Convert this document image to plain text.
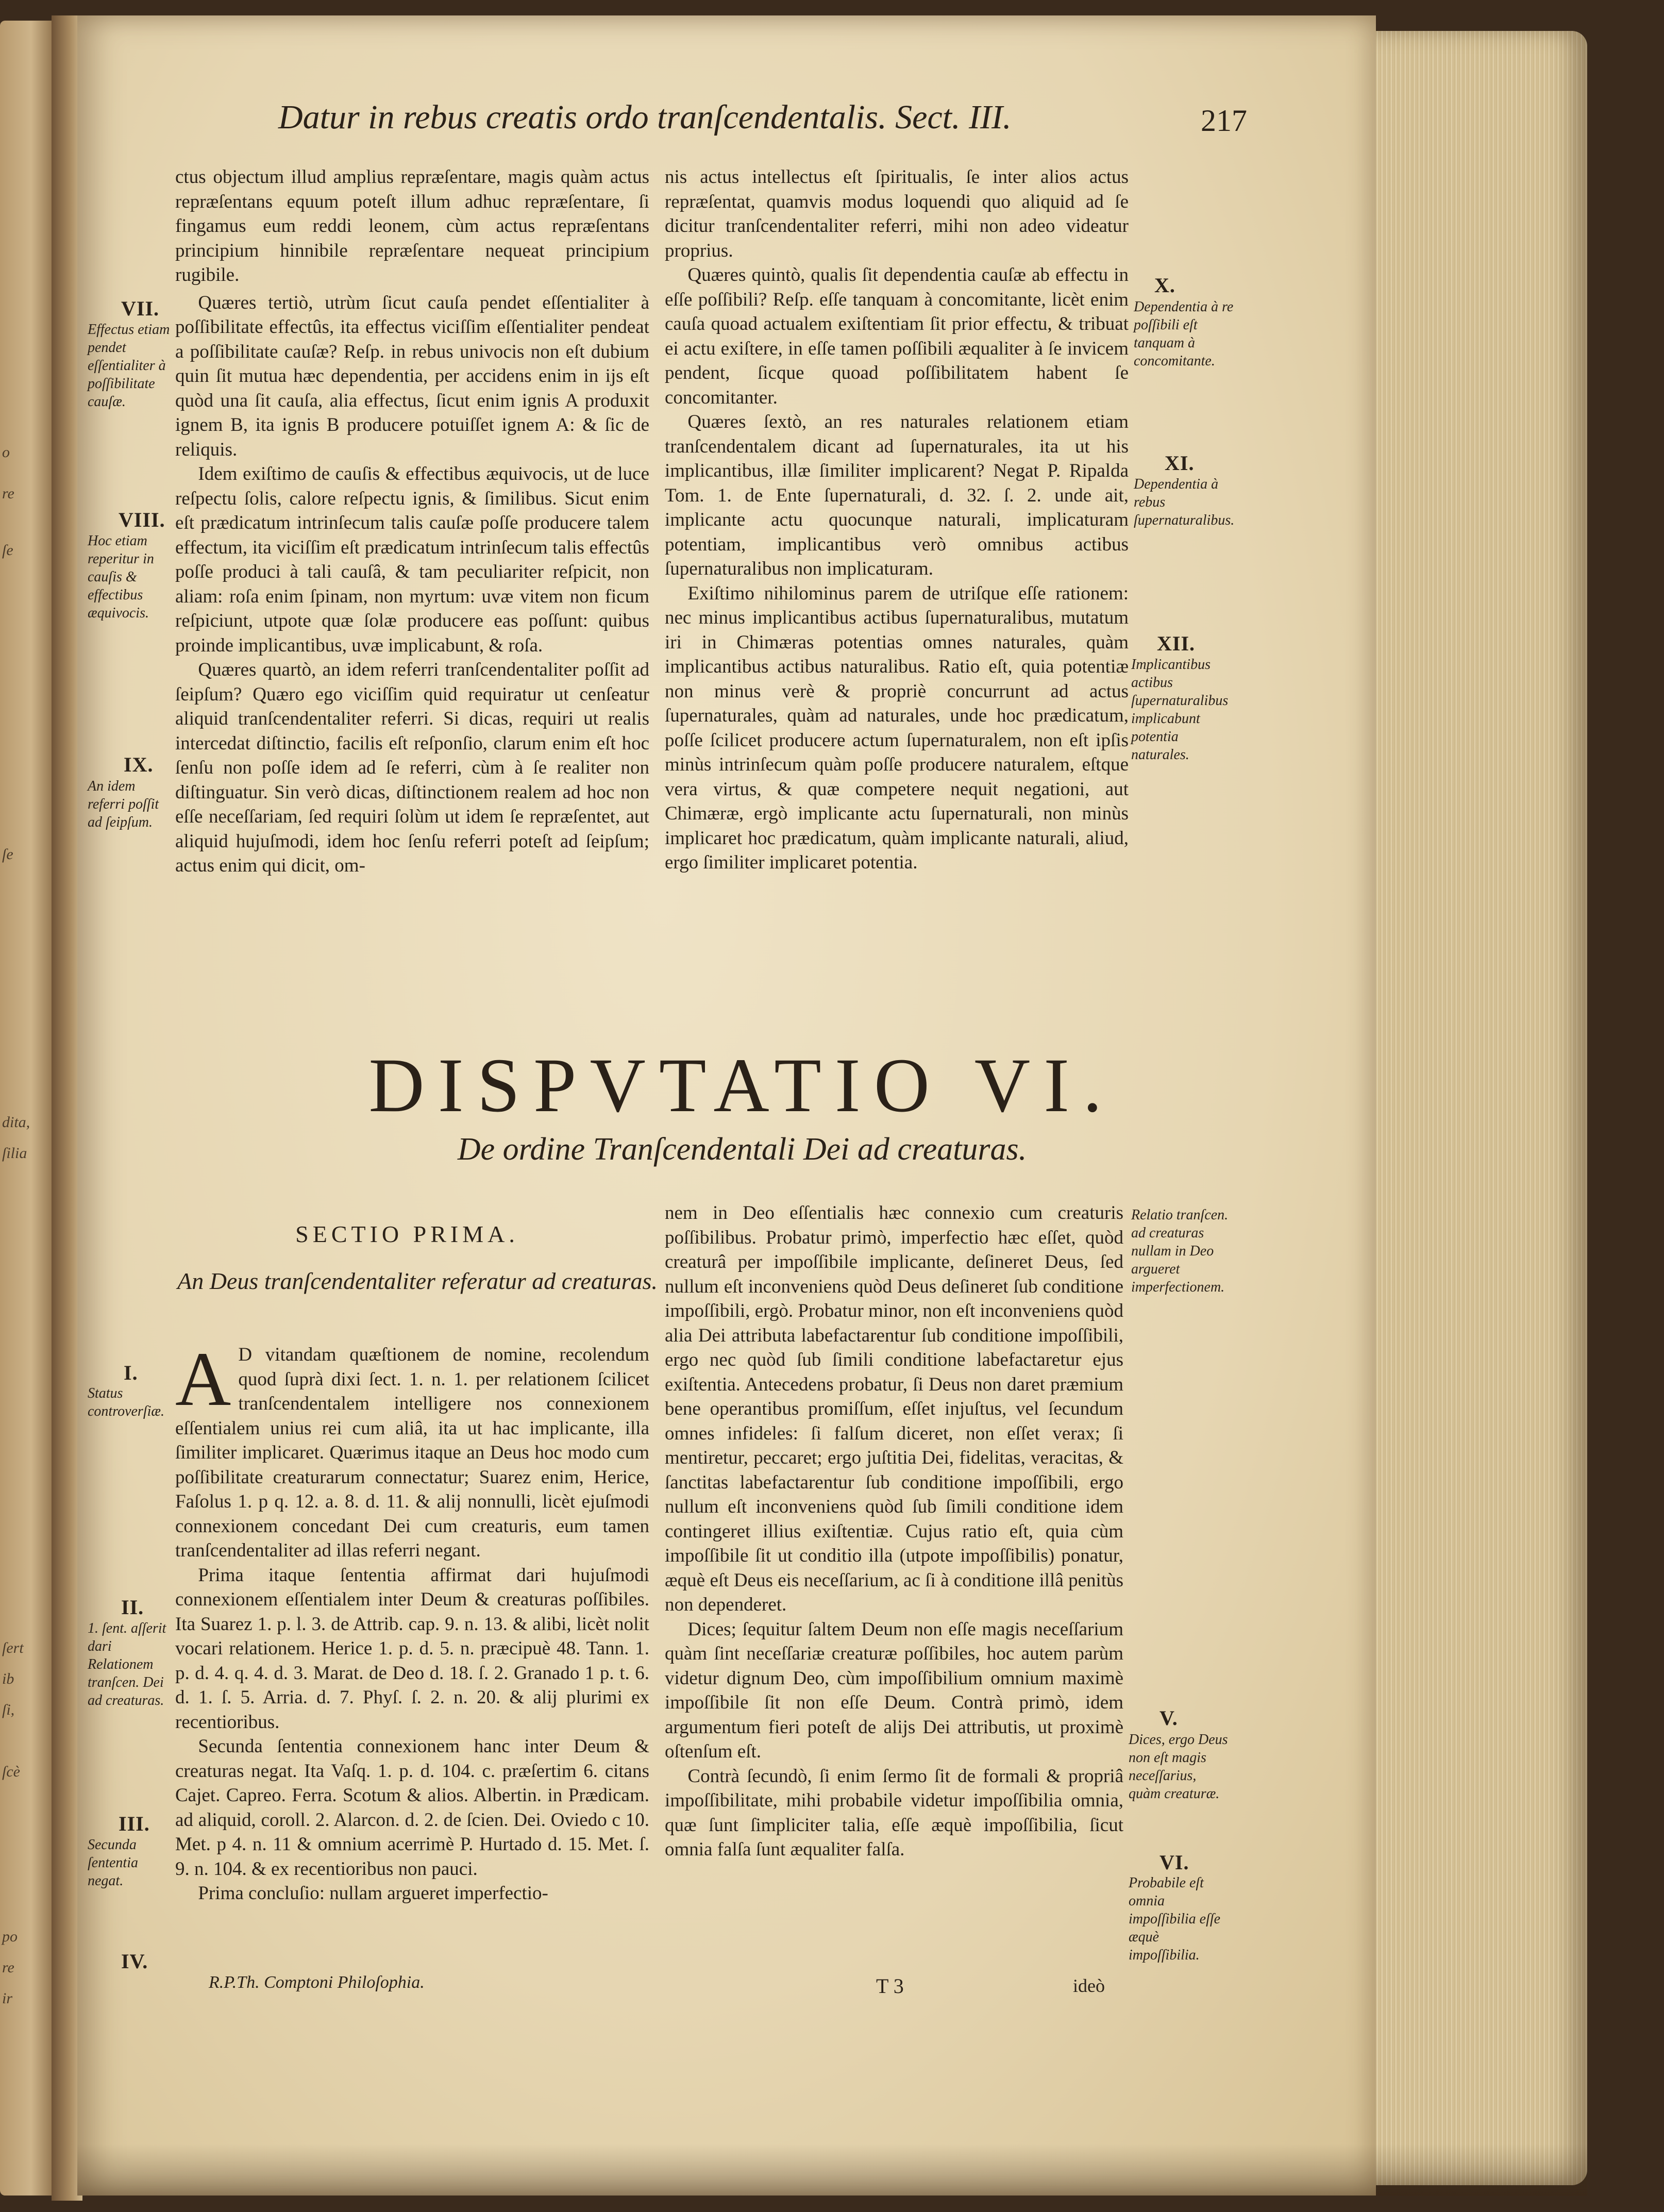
o
re
ſe
ſe
dita,
ſilia
ſert
ib
ſi,
ſcè
po
re
ir
Datur in rebus creatis ordo tranſcendentalis. Sect. III.	217

ctus objectum illud amplius repræſentare, magis quàm actus repræſentans equum poteſt illum adhuc repræſentare, ſi fingamus eum reddi leonem, cùm actus repræſentans principium hinnibile repræſentare nequeat principium rugibile.

Quæres tertiò, utrùm ſicut cauſa pendet eſſentialiter à poſſibilitate effectûs, ita effectus viciſſim eſſentialiter pendeat a poſſibilitate cauſæ? Reſp. in rebus univocis non eſt dubium quin ſit mutua hæc dependentia, per accidens enim in ijs eſt quòd una ſit cauſa, alia effectus, ſicut enim ignis A produxit ignem B, ita ignis B producere potuiſſet ignem A: & ſic de reliquis.

Idem exiſtimo de cauſis & effectibus æquivocis, ut de luce reſpectu ſolis, calore reſpectu ignis, & ſimilibus. Sicut enim eſt prædicatum intrinſecum talis cauſæ poſſe producere talem effectum, ita viciſſim eſt prædicatum intrinſecum talis effectûs poſſe produci à tali cauſâ, & tam peculiariter reſpicit, non aliam: roſa enim ſpinam, non myrtum: uvæ vitem non ficum reſpiciunt, utpote quæ ſolæ producere eas poſſunt: quibus proinde implicantibus, uvæ implicabunt, & roſa.

Quæres quartò, an idem referri tranſcendentaliter poſſit ad ſeipſum? Quæro ego viciſſim quid requiratur ut cenſeatur aliquid tranſcendentaliter referri. Si dicas, requiri ut realis intercedat diſtinctio, facilis eſt reſponſio, clarum enim eſt hoc ſenſu non poſſe idem ad ſe referri, cùm à ſe realiter non diſtinguatur. Sin verò dicas, diſtinctionem realem ad hoc non eſſe neceſſariam, ſed requiri ſolùm ut idem ſe repræſentet, aut aliquid hujuſmodi, idem hoc ſenſu referri poteſt ad ſeipſum; actus enim qui dicit, om-

nis actus intellectus eſt ſpiritualis, ſe inter alios actus repræſentat, quamvis modus loquendi quo aliquid ad ſe dicitur tranſcendentaliter referri, mihi non adeo videatur proprius.

Quæres quintò, qualis ſit dependentia cauſæ ab effectu in eſſe poſſibili? Reſp. eſſe tanquam à concomitante, licèt enim cauſa quoad actualem exiſtentiam ſit prior effectu, & tribuat ei actu exiſtere, in eſſe tamen poſſibili æqualiter à ſe invicem pendent, ſicque quoad poſſibilitatem habent ſe concomitanter.

Quæres ſextò, an res naturales relationem etiam tranſcendentalem dicant ad ſupernaturales, ita ut his implicantibus, illæ ſimiliter implicarent? Negat P. Ripalda Tom. 1. de Ente ſupernaturali, d. 32. ſ. 2. unde ait, implicante actu quocunque naturali, implicaturam potentiam, implicantibus verò omnibus actibus ſupernaturalibus non implicaturam.

Exiſtimo nihilominus parem de utriſque eſſe rationem: nec minus implicantibus actibus ſupernaturalibus, mutatum iri in Chimæras potentias omnes naturales, quàm implicantibus actibus naturalibus. Ratio eſt, quia potentiæ non minus verè & propriè concurrunt ad actus ſupernaturales, quàm ad naturales, unde hoc prædicatum, poſſe ſcilicet producere actum ſupernaturalem, non eſt ipſis minùs intrinſecum quàm poſſe producere naturalem, eſtque vera virtus, & quæ competere nequit negationi, aut Chimæræ, ergò implicante actu ſupernaturali, non minùs implicaret hoc prædicatum, quàm implicante naturali, aliud, ergo ſimiliter implicaret potentia.

VII.
Effectus etiam pendet eſſentialiter à poſſibilitate cauſæ.
VIII.
Hoc etiam reperitur in cauſis & effectibus æquivocis.
IX.
An idem referri poſſit ad ſeipſum.
X.
Dependentia à re poſſibili eſt tanquam à concomitante.
XI.
Dependentia à rebus ſupernaturalibus.
XII.
Implicantibus actibus ſupernaturalibus implicabunt potentia naturales.
DISPVTATIO VI.
De ordine Tranſcendentali Dei ad creaturas.
SECTIO PRIMA.
An Deus tranſcendentaliter referatur ad creaturas.

A D vitandam quæſtionem de nomine, recolendum quod ſuprà dixi ſect. 1. n. 1. per relationem ſcilicet tranſcendentalem intelligere nos connexionem eſſentialem unius rei cum aliâ, ita ut hac implicante, illa ſimiliter implicaret. Quærimus itaque an Deus hoc modo cum poſſibilitate creaturarum connectatur; Suarez enim, Herice, Faſolus 1. p q. 12. a. 8. d. 11. & alij nonnulli, licèt ejuſmodi connexionem concedant Dei cum creaturis, eum tamen tranſcendentaliter ad illas referri negant.

Prima itaque ſententia affirmat dari hujuſmodi connexionem eſſentialem inter Deum & creaturas poſſibiles. Ita Suarez 1. p. l. 3. de Attrib. cap. 9. n. 13. & alibi, licèt nolit vocari relationem. Herice 1. p. d. 5. n. præcipuè 48. Tann. 1. p. d. 4. q. 4. d. 3. Marat. de Deo d. 18. ſ. 2. Granado 1 p. t. 6. d. 1. ſ. 5. Arria. d. 7. Phyſ. ſ. 2. n. 20. & alij plurimi ex recentioribus.

Secunda ſententia connexionem hanc inter Deum & creaturas negat. Ita Vaſq. 1. p. d. 104. c. præſertim 6. citans Cajet. Capreo. Ferra. Scotum & alios. Albertin. in Prædicam. ad aliquid, coroll. 2. Alarcon. d. 2. de ſcien. Dei. Oviedo c 10. Met. p 4. n. 11 & omnium acerrimè P. Hurtado d. 15. Met. ſ. 9. n. 104. & ex recentioribus non pauci.

Prima concluſio: nullam argueret imperfectio-

I.
Status controverſiæ.
II.
1. ſent. aſſerit dari Relationem tranſcen. Dei ad creaturas.
III.
Secunda ſententia negat.
IV.

nem in Deo eſſentialis hæc connexio cum creaturis poſſibilibus. Probatur primò, imperfectio hæc eſſet, quòd creaturâ per impoſſibile implicante, deſineret Deus, ſed nullum eſt inconveniens quòd Deus deſineret ſub conditione impoſſibili, ergò. Probatur minor, non eſt inconveniens quòd alia Dei attributa labefactarentur ſub conditione impoſſibili, ergo nec quòd ſub ſimili conditione labefactaretur ejus exiſtentia. Antecedens probatur, ſi Deus non daret præmium bene operantibus promiſſum, eſſet injuſtus, vel ſecundum omnes infideles: ſi falſum diceret, non eſſet verax; ſi mentiretur, peccaret; ergo juſtitia Dei, fidelitas, veracitas, & ſanctitas labefactarentur ſub conditione impoſſibili, ergo nullum eſt inconveniens quòd ſub ſimili conditione idem contingeret illius exiſtentiæ. Cujus ratio eſt, quia cùm impoſſibile ſit ut conditio illa (utpote impoſſibilis) ponatur, æquè eſt Deus eis neceſſarium, ac ſi à conditione illâ penitùs non dependeret.

Dices; ſequitur ſaltem Deum non eſſe magis neceſſarium quàm ſint neceſſariæ creaturæ poſſibiles, hoc autem parùm videtur dignum Deo, cùm impoſſibilium omnium maximè impoſſibile ſit non eſſe Deum. Contrà primò, idem argumentum fieri poteſt de alijs Dei attributis, ut proximè oſtenſum eſt.

Contrà ſecundò, ſi enim ſermo ſit de formali & propriâ impoſſibilitate, mihi probabile videtur impoſſibilia omnia, quæ ſunt ſimpliciter talia, eſſe æquè impoſſibilia, ſicut omnia falſa ſunt æqualiter falſa.

Relatio tranſcen. ad creaturas nullam in Deo argueret imperfectionem.
V.
Dices, ergo Deus non eſt magis neceſſarius, quàm creaturæ.
VI.
Probabile eſt omnia impoſſibilia eſſe æquè impoſſibilia.
R.P.Th. Comptoni Philoſophia.	T 3	ideò
